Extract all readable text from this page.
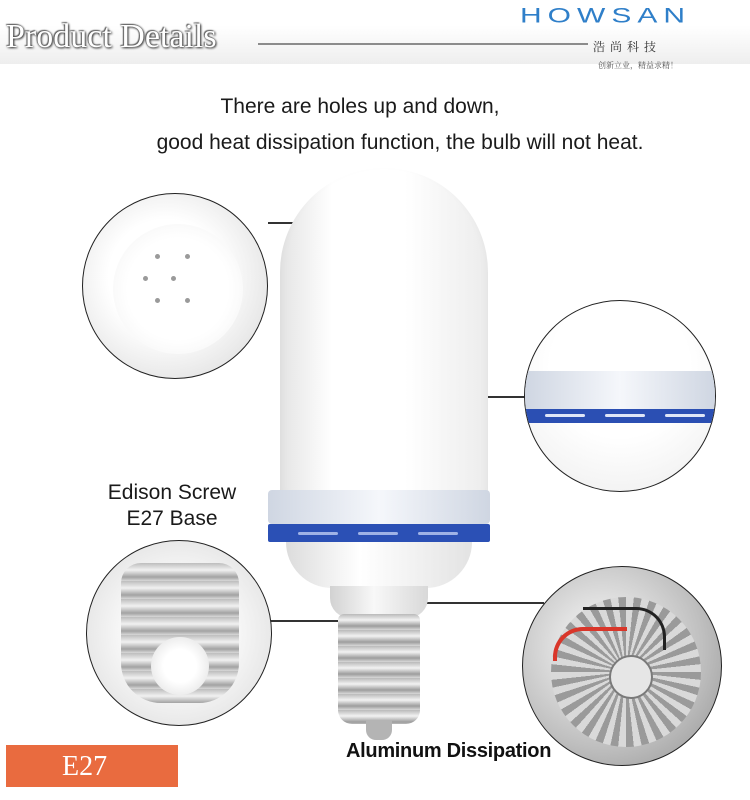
Product Details
HOWSAN
浩尚科技
创新立业，精益求精！
There are holes up and down,
good heat dissipation function, the bulb will not heat.
Edison Screw
E27 Base
Aluminum Dissipation
E27
